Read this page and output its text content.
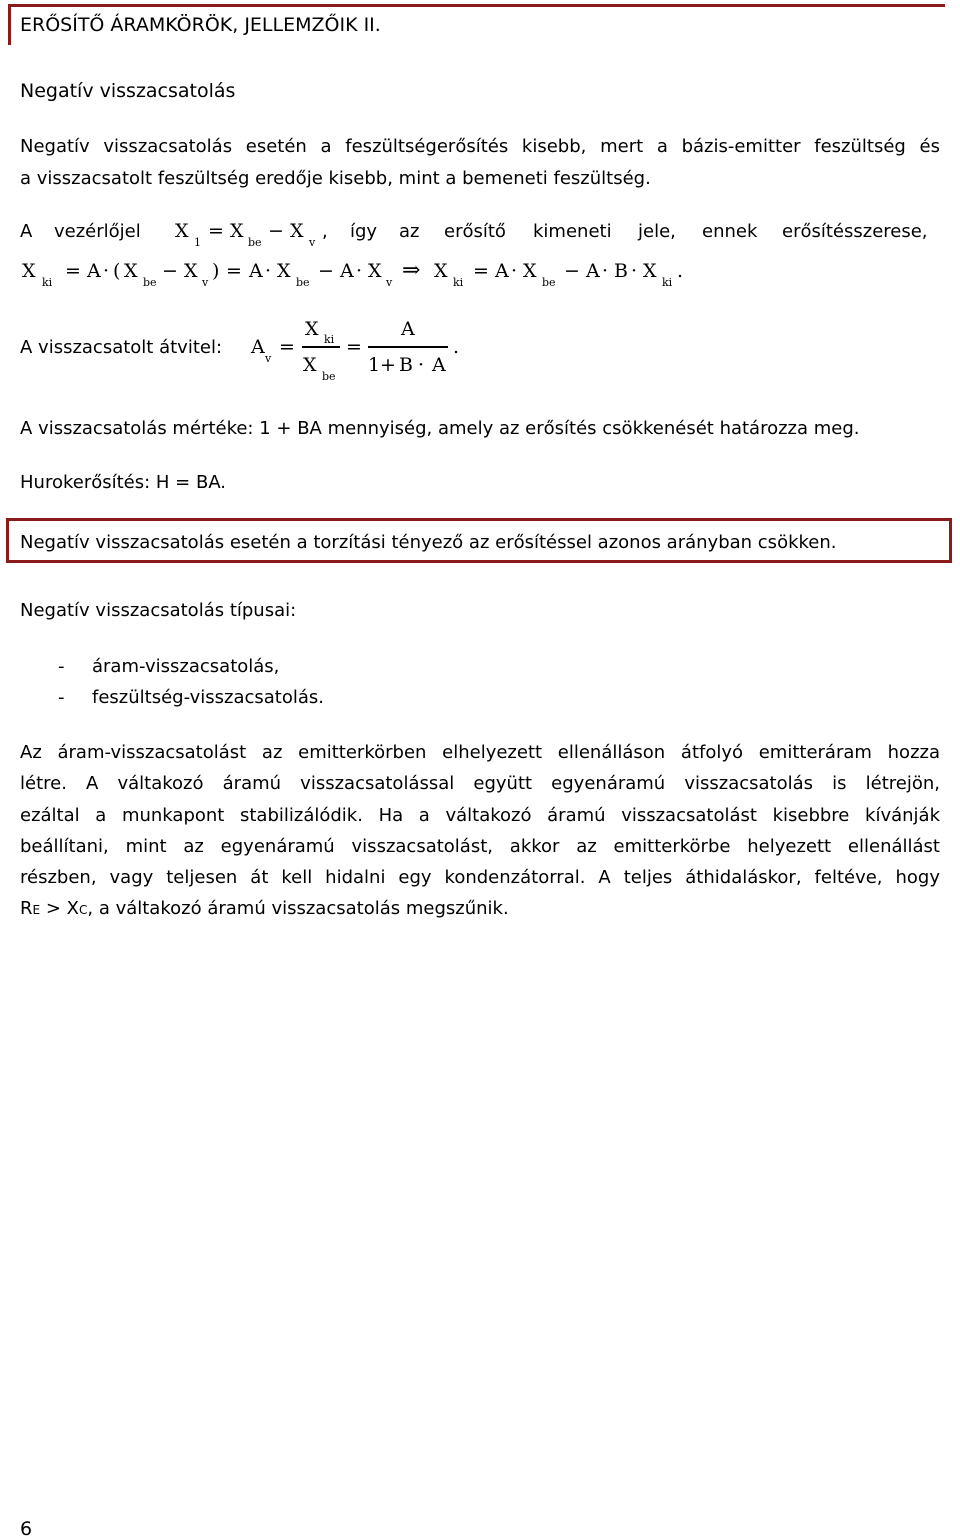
ERŐSÍTŐ ÁRAMKÖRÖK, JELLEMZŐIK II.
Negatív visszacsatolás
Negatív visszacsatolás esetén a feszültségerősítés kisebb, mert a bázis-emitter feszültség és
a visszacsatolt feszültség eredője kisebb, mint a bemeneti feszültség.
A vezérlőjel X
1
= X
be
− X
v
, így az erősítő kimeneti jele, ennek erősítésszerese,
X
ki
= A · ( X
be
− X
v
) = A · X
be
− A · X
v ⇒ X
ki
= A · X
be
− A · B · X
ki
.
A visszacsatolt átvitel: A
v
=
X ki
X
be
=
A
1 + B · A
.
A visszacsatolás mértéke: 1 + BA mennyiség, amely az erősítés csökkenését határozza meg.
Hurokerősítés: H = BA.
Negatív visszacsatolás esetén a torzítási tényező az erősítéssel azonos arányban csökken.
Negatív visszacsatolás típusai:
- áram-visszacsatolás,
- feszültség-visszacsatolás.
Az áram-visszacsatolást az emitterkörben elhelyezett ellenálláson átfolyó emitteráram hozza
létre. A váltakozó áramú visszacsatolással együtt egyenáramú visszacsatolás is létrejön,
ezáltal a munkapont stabilizálódik. Ha a váltakozó áramú visszacsatolást kisebbre kívánják
beállítani, mint az egyenáramú visszacsatolást, akkor az emitterkörbe helyezett ellenállást
részben, vagy teljesen át kell hidalni egy kondenzátorral. A teljes áthidaláskor, feltéve, hogy
RE > XC, a váltakozó áramú visszacsatolás megszűnik.
6
